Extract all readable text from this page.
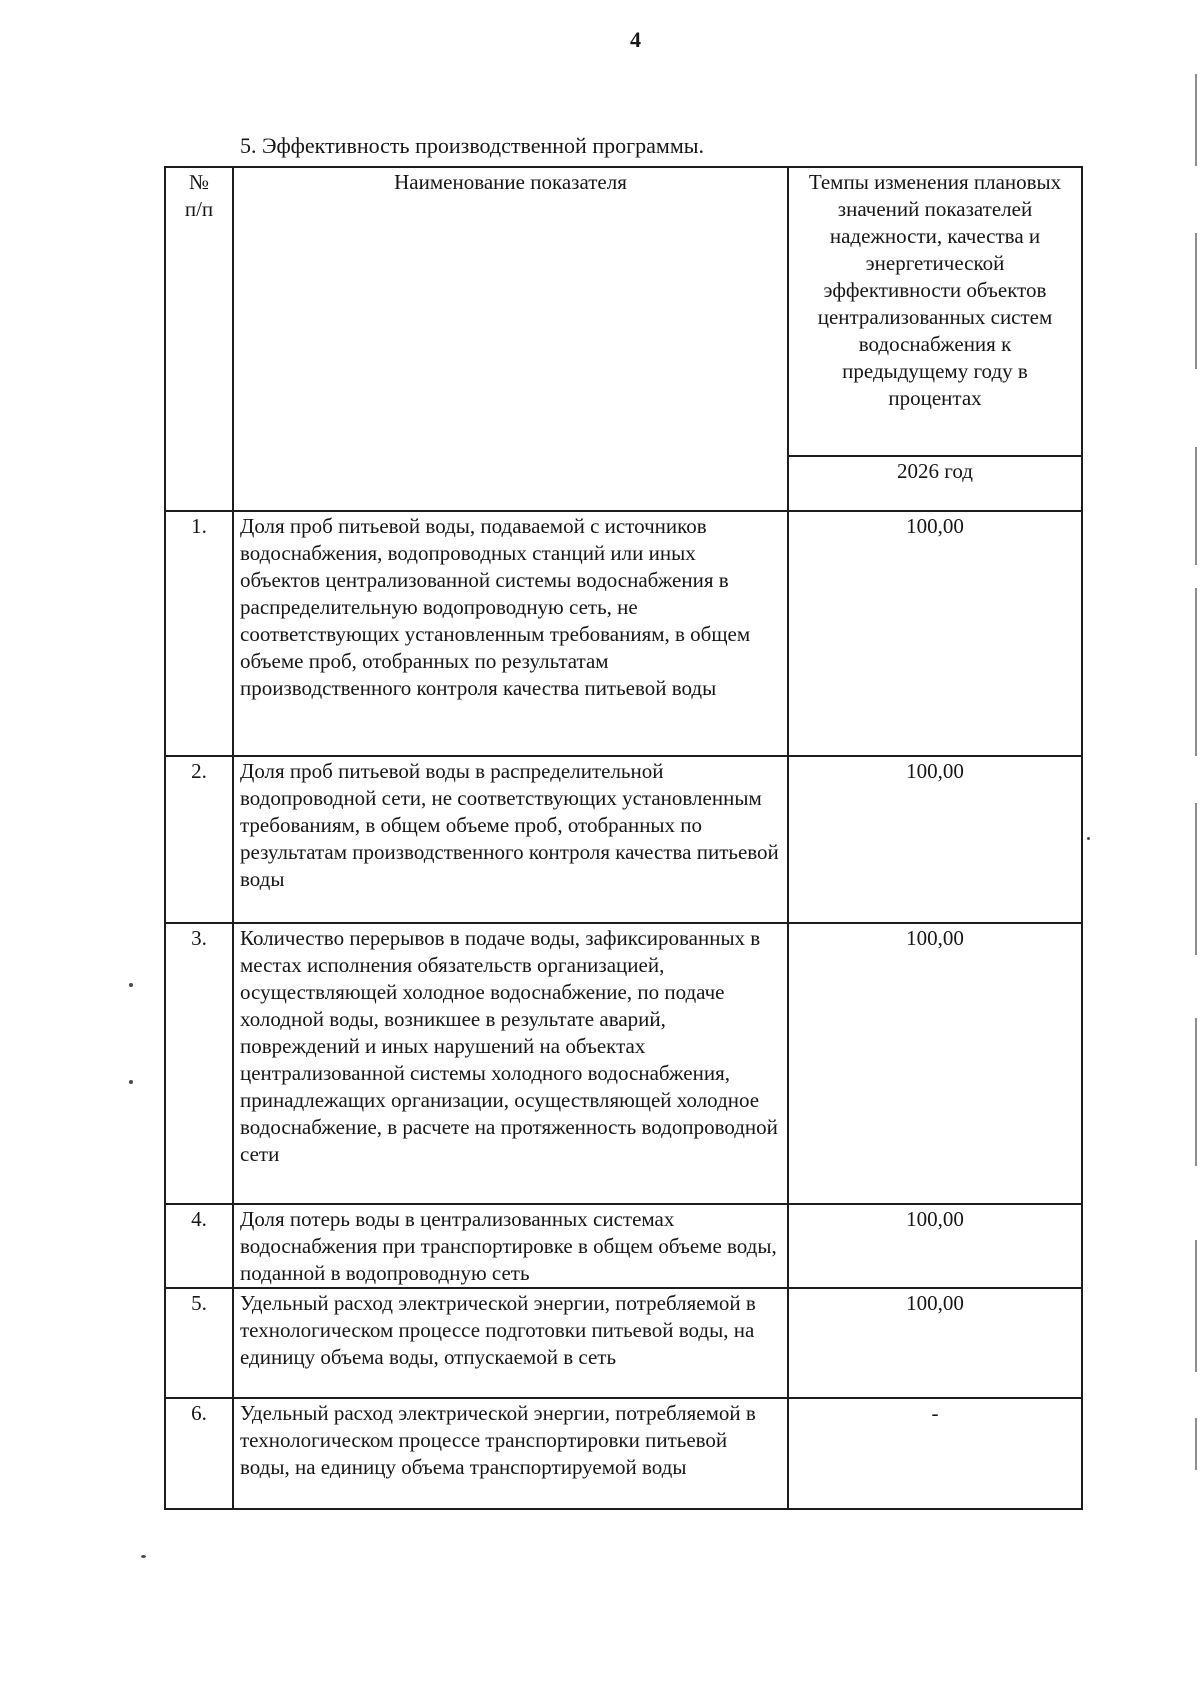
4
5. Эффективность производственной программы.
№
п/п	Наименование показателя	Темпы изменения плановых значений показателей надежности, качества и энергетической эффективности объектов централизованных систем водоснабжения к предыдущему году в процентах
		2026 год
1.	Доля проб питьевой воды, подаваемой с источников водоснабжения, водопроводных станций или иных объектов централизованной системы водоснабжения в распределительную водопроводную сеть, не соответствующих установленным требованиям, в общем объеме проб, отобранных по результатам производственного контроля качества питьевой воды	100,00
2.	Доля проб питьевой воды в распределительной водопроводной сети, не соответствующих установленным требованиям, в общем объеме проб, отобранных по результатам производственного контроля качества питьевой воды	100,00
3.	Количество перерывов в подаче воды, зафиксированных в местах исполнения обязательств организацией, осуществляющей холодное водоснабжение, по подаче холодной воды, возникшее в результате аварий, повреждений и иных нарушений на объектах централизованной системы холодного водоснабжения, принадлежащих организации, осуществляющей холодное водоснабжение, в расчете на протяженность водопроводной сети	100,00
4.	Доля потерь воды в централизованных системах водоснабжения при транспортировке в общем объеме воды, поданной в водопроводную сеть	100,00
5.	Удельный расход электрической энергии, потребляемой в технологическом процессе подготовки питьевой воды, на единицу объема воды, отпускаемой в сеть	100,00
6.	Удельный расход электрической энергии, потребляемой в технологическом процессе транспортировки питьевой воды, на единицу объема транспортируемой воды	-
